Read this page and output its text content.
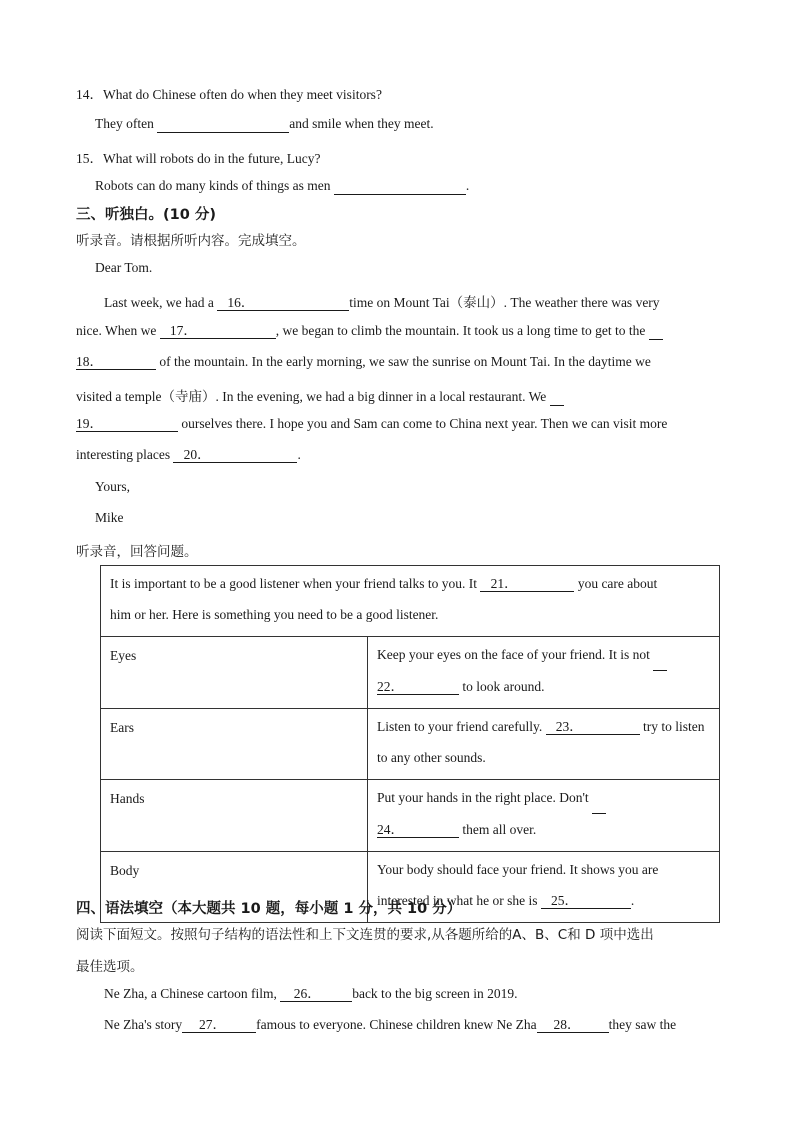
14．What do Chinese often do when they meet visitors?
They often	and smile when they meet.
15．What will robots do in the future, Lucy?
Robots can do many kinds of things as men	.
三、听独白。(10 分)
听录音。请根据所听内容。完成填空。
Dear Tom.
Last week, we had a 16．	time on Mount Tai（泰山）. The weather there was very
nice. When we 17．	, we began to climb the mountain. It took us a long time to get to the
18．	of the mountain. In the early morning, we saw the sunrise on Mount Tai. In the daytime we
visited a temple（寺庙）. In the evening, we had a big dinner in a local restaurant. We
19．	ourselves there. I hope you and Sam can come to China next year. Then we can visit more
interesting places 20．	.
Yours,
Mike
听录音，回答问题。
It is important to be a good listener when your friend talks to you. It 21． you care about
him or her. Here is something you need to be a good listener.	
Eyes	Keep your eyes on the face of your friend. It is not
22． to look around.
Ears	Listen to your friend carefully. 23． try to listen to any other sounds.
Hands	Put your hands in the right place. Don't
24． them all over.
Body	Your body should face your friend. It shows you are interested in what he or she is 25． .
四、语法填空（本大题共 10 题，每小题 1 分，共 10 分）
阅读下面短文。按照句子结构的语法性和上下文连贯的要求,从各题所给的A、B、C和 D 项中选出
最佳选项。
Ne Zha, a Chinese cartoon film, 26． back to the big screen in 2019.
Ne Zha's story 27． famous to everyone. Chinese children knew Ne Zha 28． they saw the
